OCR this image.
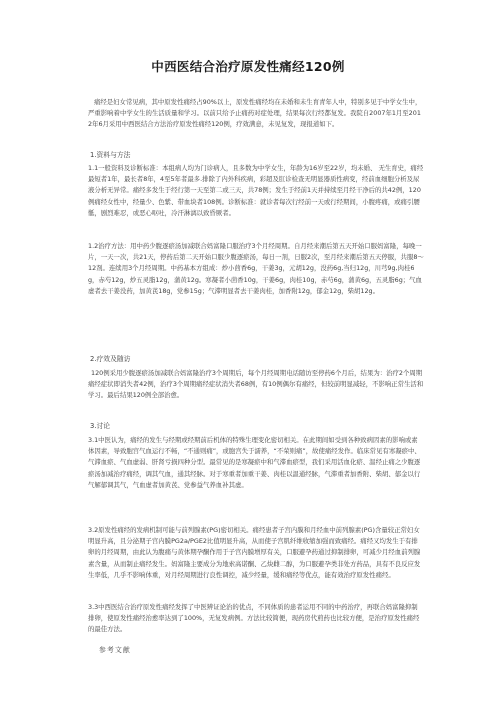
中西医结合治疗原发性痛经120例

痛经是妇女常见病，其中原发性痛经占90%以上，原发性痛经均在未婚和未生育青年人中，特别多见于中学女生中，严重影响着中学女生的生活质量和学习。以前只给予止痛药对症处理，结果每次行经都复发。我院自2007年1月至2012年6月采用中西医结合方法治疗原发性痛经120例，疗效满意，未见复发，现报道如下。

1.资料与方法

1.1一般资料及诊断标准：本组病人均为门诊病人，且多数为中学女生，年龄为16岁至22岁，均未婚、 无生育史，痛经最短者1年，最长者8年，4至5年者最多.排除了内外科疾病，彩超及肛诊检查无明显器质性病变，经前血细胞分析及尿液分析无异常。痛经多发生于经行第一天至第二或三天，共78例；发生于经前1天并持续至月经干净后的共42例，120例痛经女性中，经量少、色紫、带血块者108例。诊断标准：就诊者每次行经前一天或行经期间，小腹疼痛，或痛引腰骶，剧烈难忍，或恶心呕吐，冷汗淋漓以致昏厥者。

1.2治疗方法：用中药少腹逐瘀汤加减联合妈富隆口服治疗3个月经周期。自月经来潮后第五天开始口服妈富隆，每晚一片，一天一次，共21天，停药后第二天开始口服少腹逐瘀汤，每日一剂，日服2次，至月经来潮后第五天停服，共服8～12剂。连续用3个月经周期。中药基本方组成：炒小茴香6g，干姜3g，元胡12g，没药6g,当归12g，川芎9g,肉桂6g，赤芍12g，炒五灵脂12g，蒲黄12g。寒凝者小茴香10g，干姜6g，肉桂10g，赤芍6g，蒲黄6g，五灵脂6g；气血虚者去干姜没药，加黄芪18g，党参15g；气滞明显者去干姜肉桂，加香附12g，郁金12g，柴胡12g。

2.疗效及随访

120例采用少腹逐瘀汤加减联合妈富隆治疗3个周期后，每个月经周期电话随访至停药6个月后，结果为：治疗2个周期痛经症状即消失者42例，治疗3个周期痛经症状消失者68例，有10例偶尔有痛经，但较前明显减轻，不影响正常生活和学习。最后结果120例全部治愈。

3.讨论

3.1中医认为，痛经的发生与经期或经期前后机体的特殊生理变化密切相关。在此期间如受到各种致病因素的影响或素体因素，导致胞宫气血运行不畅，“不通则痛”，或胞宫失于濡养，“不荣则痛”，故使痛经发作。临床常见有寒凝瘀中、气滞血瘀、气血虚弱、肝肾亏损四种分型。最常见的是寒凝瘀中和气滞血瘀型，我们采用活血化瘀、温经止痛之少腹逐瘀汤加减治疗痛经，调其气血，通其经脉。对于寒重者加重干姜、肉桂以温通经脉，气滞重者加香附、柴胡、郁金以行气解郁调其气，气血虚者加黄芪、党参益气养血补其虚。

3.2原发性痛经的发病机制可能与前列腺素(PG)密切相关。痛经患者子宫内膜和月经血中前列腺素(PG)含量较正常妇女明显升高，且分泌期子宫内膜PG2a/PGE2比值明显升高，从而使子宫肌纤维收缩加强而致痛经。痛经又均发生于有排卵的月经周期，由此认为腹痛与黄体期孕酮作用于子宫内膜增厚有关，口服避孕药通过抑制排卵，可减少月经血前列腺素含量，从而制止痛经发生。妈富隆主要成分为地索高诺酮、乙炔雌二醇，为口服避孕类非处方药品，具有不良反应发生率低，几乎不影响体重，对月经周期进行良性调控，减少经量，缓和痛经等优点，能有效治疗原发性痛经。

3.3中西医结合治疗原发性痛经发挥了中医辨证论治的优点，不同体质的患者运用不同的中药治疗，再联合妈富隆抑制排卵，使原发性痛经治愈率达到了100%，无复发病例。方法比较简便，现药房代煎药也比较方便，是治疗原发性痛经的最佳方法。

参考文献
